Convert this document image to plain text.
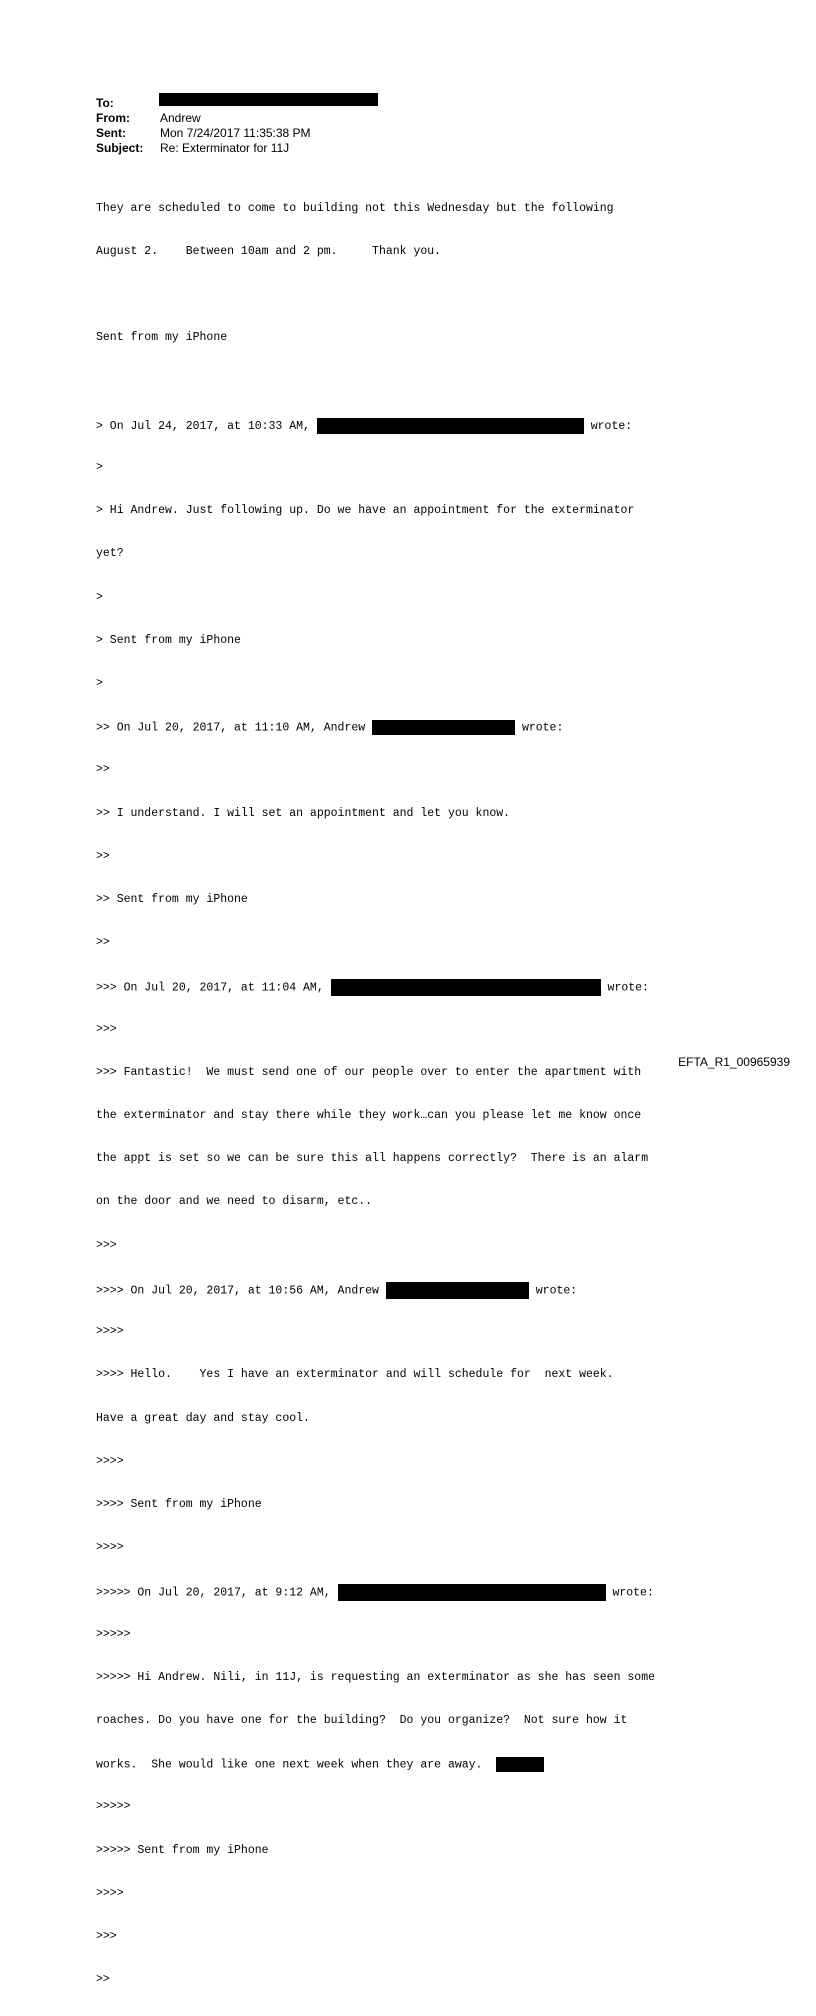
To:
From:	Andrew
Sent:	Mon 7/24/2017 11:35:38 PM
Subject:	Re: Exterminator for 11J

They are scheduled to come to building not this Wednesday but the following

August 2.    Between 10am and 2 pm.     Thank you.

Sent from my iPhone

> On Jul 24, 2017, at 10:33 AM,	wrote:

>

> Hi Andrew. Just following up. Do we have an appointment for the exterminator

yet?

>

> Sent from my iPhone

>

>> On Jul 20, 2017, at 11:10 AM, Andrew	wrote:

>>

>> I understand. I will set an appointment and let you know.

>>

>> Sent from my iPhone

>>

>>> On Jul 20, 2017, at 11:04 AM,	wrote:

>>>

>>> Fantastic!  We must send one of our people over to enter the apartment with

the exterminator and stay there while they work…can you please let me know once

the appt is set so we can be sure this all happens correctly?  There is an alarm

on the door and we need to disarm, etc..

>>>

>>>> On Jul 20, 2017, at 10:56 AM, Andrew	wrote:

>>>>

>>>> Hello.    Yes I have an exterminator and will schedule for  next week.

Have a great day and stay cool.

>>>>

>>>> Sent from my iPhone

>>>>

>>>>> On Jul 20, 2017, at 9:12 AM,	wrote:

>>>>>

>>>>> Hi Andrew. Nili, in 11J, is requesting an exterminator as she has seen some

roaches. Do you have one for the building?  Do you organize?  Not sure how it

works.  She would like one next week when they are away.

>>>>>

>>>>> Sent from my iPhone

>>>>

>>>

>>

EFTA_R1_00965939
